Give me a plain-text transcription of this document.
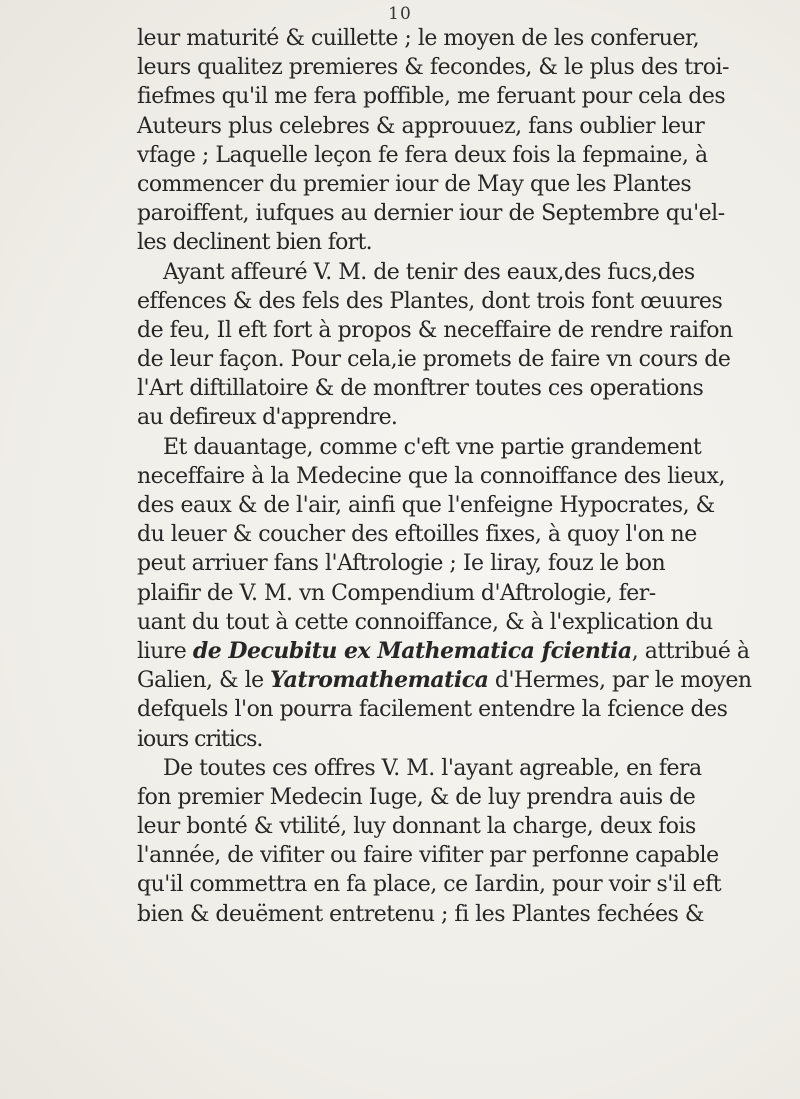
10
leur maturité & cuillette ; le moyen de les conferuer,
leurs qualitez premieres & fecondes, & le plus des troi-
fiefmes qu'il me fera poffible, me feruant pour cela des
Auteurs plus celebres & approuuez, fans oublier leur
vfage ; Laquelle leçon fe fera deux fois la fepmaine, à
commencer du premier iour de May que les Plantes
paroiffent, iufques au dernier iour de Septembre qu'el-
les declinent bien fort.
Ayant affeuré V. M. de tenir des eaux,des fucs,des
effences & des fels des Plantes, dont trois font œuures
de feu, Il eft fort à propos & neceffaire de rendre raifon
de leur façon. Pour cela,ie promets de faire vn cours de
l'Art diftillatoire & de monftrer toutes ces operations
au defireux d'apprendre.
Et dauantage, comme c'eft vne partie grandement
neceffaire à la Medecine que la connoiffance des lieux,
des eaux & de l'air, ainfi que l'enfeigne Hypocrates, &
du leuer & coucher des eftoilles fixes, à quoy l'on ne
peut arriuer fans l'Aftrologie ; Ie liray, fouz le bon
plaifir de V. M. vn Compendium d'Aftrologie, fer-
uant du tout à cette connoiffance, & à l'explication du
liure de Decubitu ex Mathematica fcientia, attribué à
Galien, & le Yatromathematica d'Hermes, par le moyen
defquels l'on pourra facilement entendre la fcience des
iours critics.
De toutes ces offres V. M. l'ayant agreable, en fera
fon premier Medecin Iuge, & de luy prendra auis de
leur bonté & vtilité, luy donnant la charge, deux fois
l'année, de vifiter ou faire vifiter par perfonne capable
qu'il commettra en fa place, ce Iardin, pour voir s'il eft
bien & deuëment entretenu ; fi les Plantes fechées &
